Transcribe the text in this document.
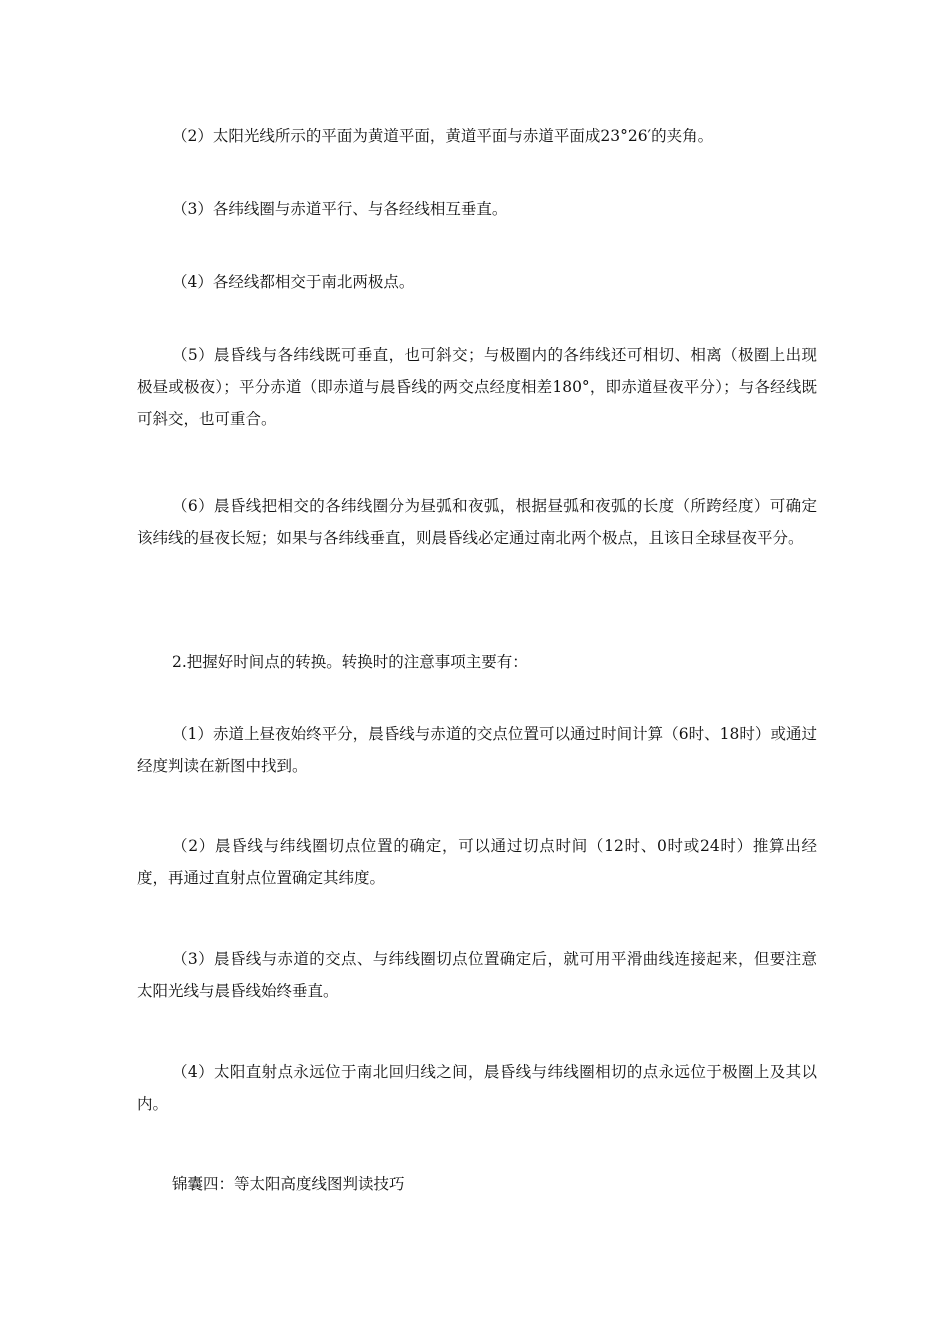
（2）太阳光线所示的平面为黄道平面，黄道平面与赤道平面成23°26′的夹角。

（3）各纬线圈与赤道平行、与各经线相互垂直。

（4）各经线都相交于南北两极点。

（5）晨昏线与各纬线既可垂直，也可斜交；与极圈内的各纬线还可相切、相离（极圈上出现极昼或极夜）；平分赤道（即赤道与晨昏线的两交点经度相差180°，即赤道昼夜平分）；与各经线既可斜交，也可重合。

（6）晨昏线把相交的各纬线圈分为昼弧和夜弧，根据昼弧和夜弧的长度（所跨经度）可确定该纬线的昼夜长短；如果与各纬线垂直，则晨昏线必定通过南北两个极点，且该日全球昼夜平分。

2.把握好时间点的转换。转换时的注意事项主要有：

（1）赤道上昼夜始终平分，晨昏线与赤道的交点位置可以通过时间计算（6时、18时）或通过经度判读在新图中找到。

（2）晨昏线与纬线圈切点位置的确定，可以通过切点时间（12时、0时或24时）推算出经度，再通过直射点位置确定其纬度。

（3）晨昏线与赤道的交点、与纬线圈切点位置确定后，就可用平滑曲线连接起来，但要注意太阳光线与晨昏线始终垂直。

（4）太阳直射点永远位于南北回归线之间，晨昏线与纬线圈相切的点永远位于极圈上及其以内。

锦囊四：等太阳高度线图判读技巧
